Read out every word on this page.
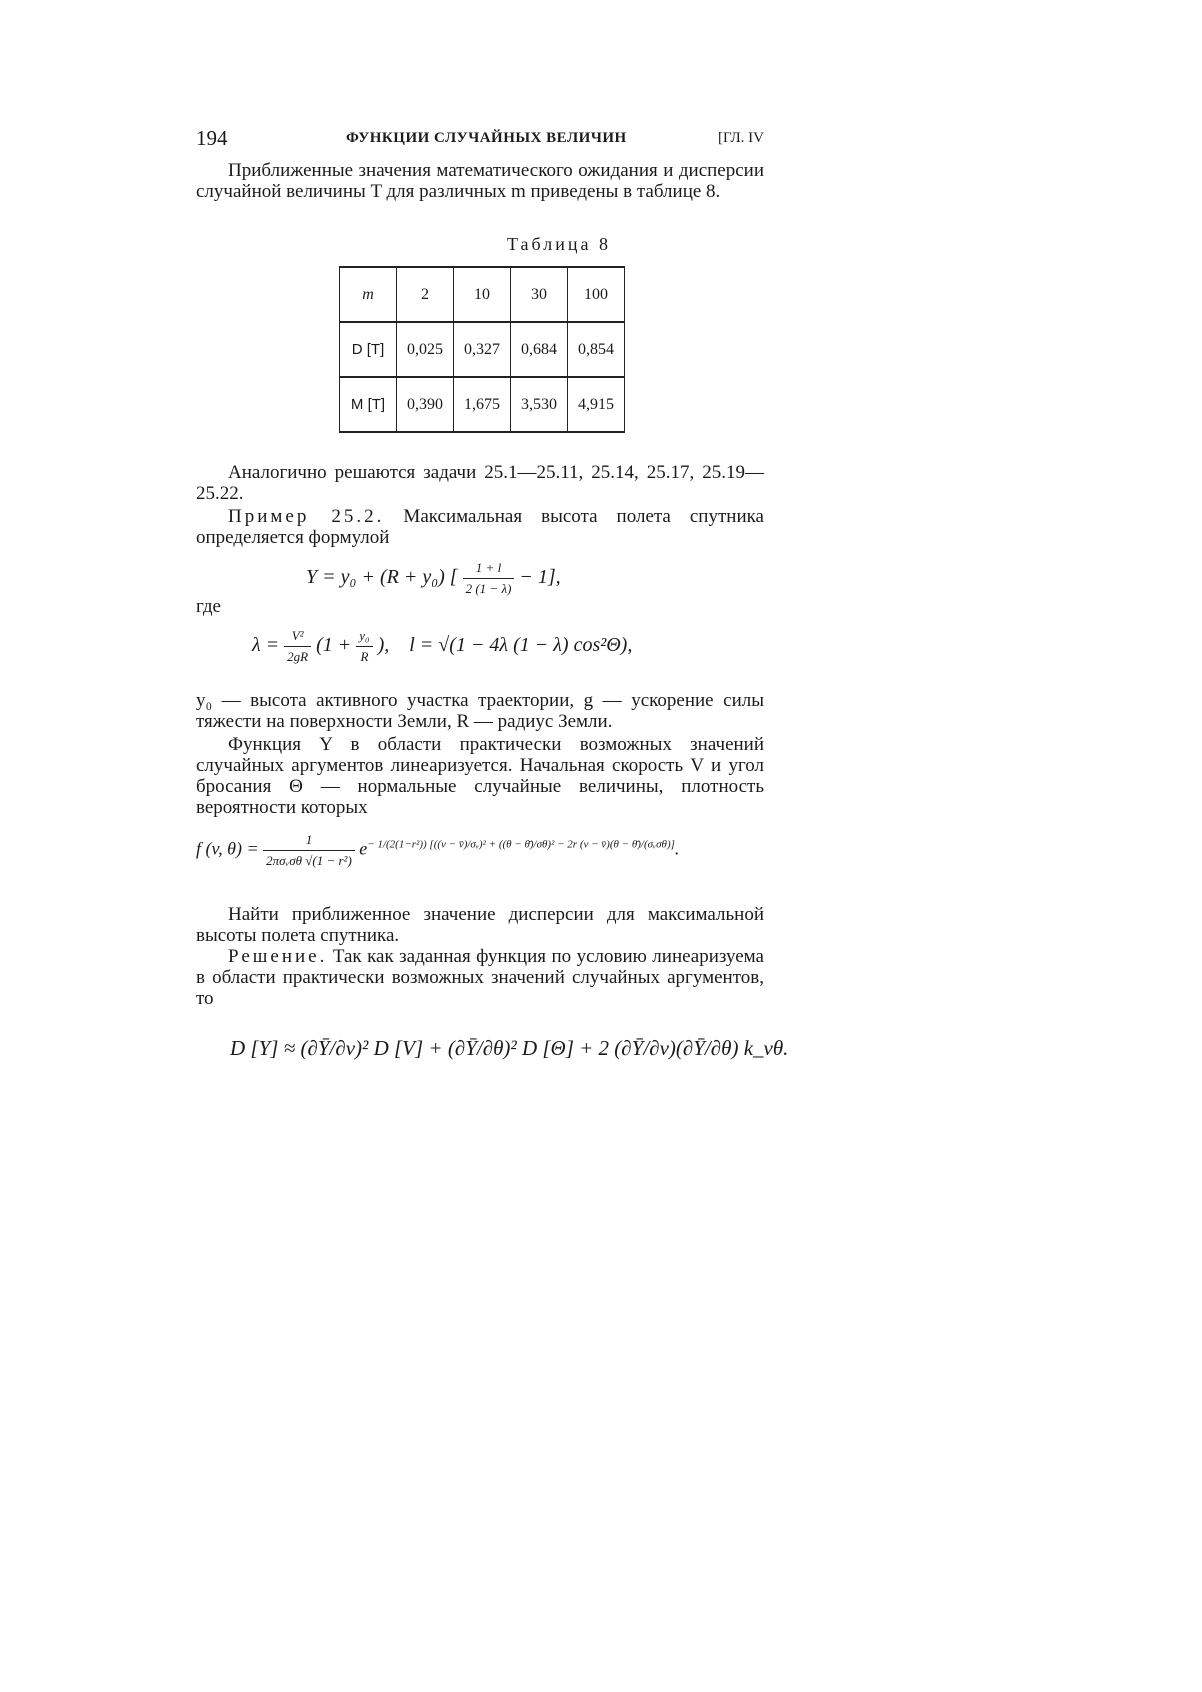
194	ФУНКЦИИ СЛУЧАЙНЫХ ВЕЛИЧИН	[ГЛ. IV
Приближенные значения математического ожидания и дисперсии случайной величины T для различных m приведены в таблице 8.
Таблица 8
m	2	10	30	100
D [T]	0,025	0,327	0,684	0,854
M [T]	0,390	1,675	3,530	4,915
Аналогично решаются задачи 25.1—25.11, 25.14, 25.17, 25.19—25.22.
Пример 25.2. Максимальная высота полета спутника определяется формулой
Y = y₀ + (R + y₀) [ $\frac{1 + l}{2 (1 - \lambda)} - 1$],
где
$\lambda = \frac{\text{V²}}{2gR} (1 + \frac{\text{y₀}}{R}$ ), l = √(1 − 4λ (1 − λ) cos²Θ),
y₀ — высота активного участка траектории, g — ускорение силы тяжести на поверхности Земли, R — радиус Земли.
Функция Y в области практически возможных значений случайных аргументов линеаризуется. Начальная скорость V и угол бросания Θ — нормальные случайные величины, плотность вероятности которых
f (v, $\theta) = \frac{1}{\text{2πσᵥσθ √(1 − r²)}} e^{- 1/(2(1-r^2)) [((v - v̄)/\sigma ᵥ)^2 + ((\theta - \thetā)/\sigma\theta)^2 - 2r (v - v̄)(\theta - \thetā)/(\sigma ᵥ\sigma\theta)]}$.
Найти приближенное значение дисперсии для максимальной высоты полета спутника.
Решение. Так как заданная функция по условию линеаризуема в области практически возможных значений случайных аргументов, то
D [Y] ≈ (∂Ȳ/∂v)² D [V] + (∂Ȳ/∂θ)² D [Θ] + 2 (∂Ȳ/∂v)(∂Ȳ/∂θ) k_vθ.
